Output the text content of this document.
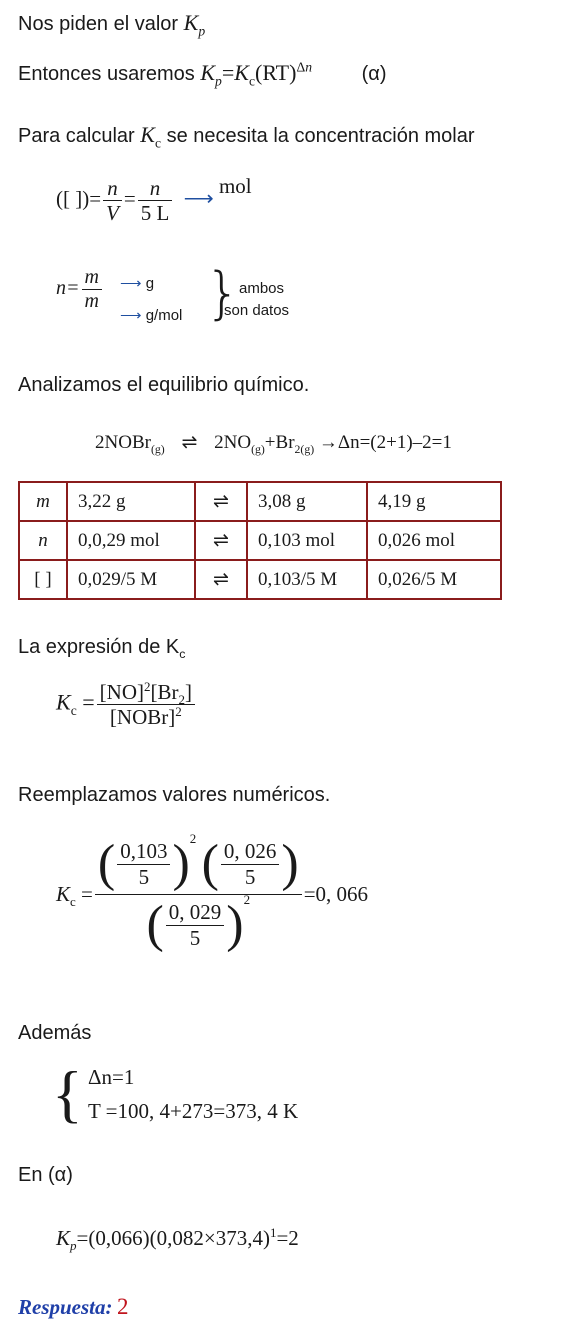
Nos piden el valor $K_p$
Entonces usaremos $K_p=K_c(RT)^{\Delta n}$ (α)
Para calcular $K_c$ se necesita la concentración molar
([ ])= $\frac{n}{V} = \frac{n}{5 L}$ ⟶ mol
$n= \frac{m}{m}$ ⟶ g
⟶ g/mol }
ambos
son datos
Analizamos el equilibrio químico.
2NOBr$_{(g)}$ ⇌ $2NO_{(g)}+Br_{2(g)} \to\Delta n=(2+1)-2=1$
m	3,22 g	⇌	3,08 g	4,19 g
n	0,0,29 mol	⇌	0,103 mol	0,026 mol
[ ]	0,029/5 M	⇌	0,103/5 M	0,026/5 M
La expresión de $K_c$
$K_c = \frac{[NO]^2[Br_2]}{[NOBr]^2}$
Reemplazamos valores numéricos.
$K_c = \frac{( \frac{0,103}{5} )^2 ( \frac{0, 026}{5} )}{( \frac{0, 029}{5} )^2} =0$, 066
Además
{ Δn=1
T =100, 4+273=373, 4 K
En (α)
$K_p=(0,066)(0,082\times 373,4)^1=2$
Respuesta: 2
